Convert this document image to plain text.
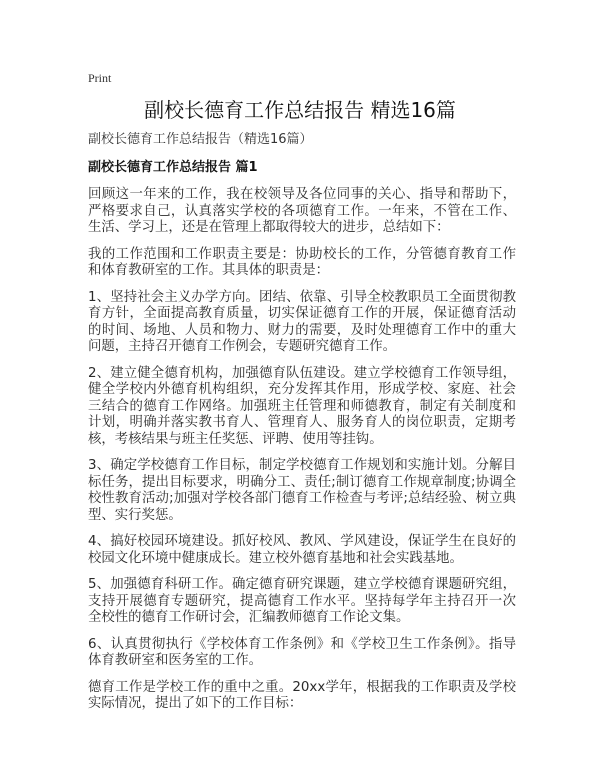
Print
副校长德育工作总结报告 精选16篇
副校长德育工作总结报告（精选16篇）
副校长德育工作总结报告 篇1

回顾这一年来的工作，我在校领导及各位同事的关心、指导和帮助下，严格要求自己，认真落实学校的各项德育工作。一年来，不管在工作、生活、学习上，还是在管理上都取得较大的进步，总结如下：

我的工作范围和工作职责主要是：协助校长的工作，分管德育教育工作和体育教研室的工作。其具体的职责是：

1、坚持社会主义办学方向。团结、依靠、引导全校教职员工全面贯彻教育方针，全面提高教育质量，切实保证德育工作的开展，保证德育活动的时间、场地、人员和物力、财力的需要，及时处理德育工作中的重大问题，主持召开德育工作例会，专题研究德育工作。

2、建立健全德育机构，加强德育队伍建设。建立学校德育工作领导组，健全学校内外德育机构组织，充分发挥其作用，形成学校、家庭、社会三结合的德育工作网络。加强班主任管理和师德教育，制定有关制度和计划，明确并落实教书育人、管理育人、服务育人的岗位职责，定期考核，考核结果与班主任奖惩、评聘、使用等挂钩。

3、确定学校德育工作目标，制定学校德育工作规划和实施计划。分解目标任务，提出目标要求，明确分工、责任;制订德育工作规章制度;协调全校性教育活动;加强对学校各部门德育工作检查与考评;总结经验、树立典型、实行奖惩。

4、搞好校园环境建设。抓好校风、教风、学风建设，保证学生在良好的校园文化环境中健康成长。建立校外德育基地和社会实践基地。

5、加强德育科研工作。确定德育研究课题，建立学校德育课题研究组，支持开展德育专题研究，提高德育工作水平。坚持每学年主持召开一次全校性的德育工作研讨会，汇编教师德育工作论文集。

6、认真贯彻执行《学校体育工作条例》和《学校卫生工作条例》。指导体育教研室和医务室的工作。

德育工作是学校工作的重中之重。20xx学年，根据我的工作职责及学校实际情况，提出了如下的工作目标：
